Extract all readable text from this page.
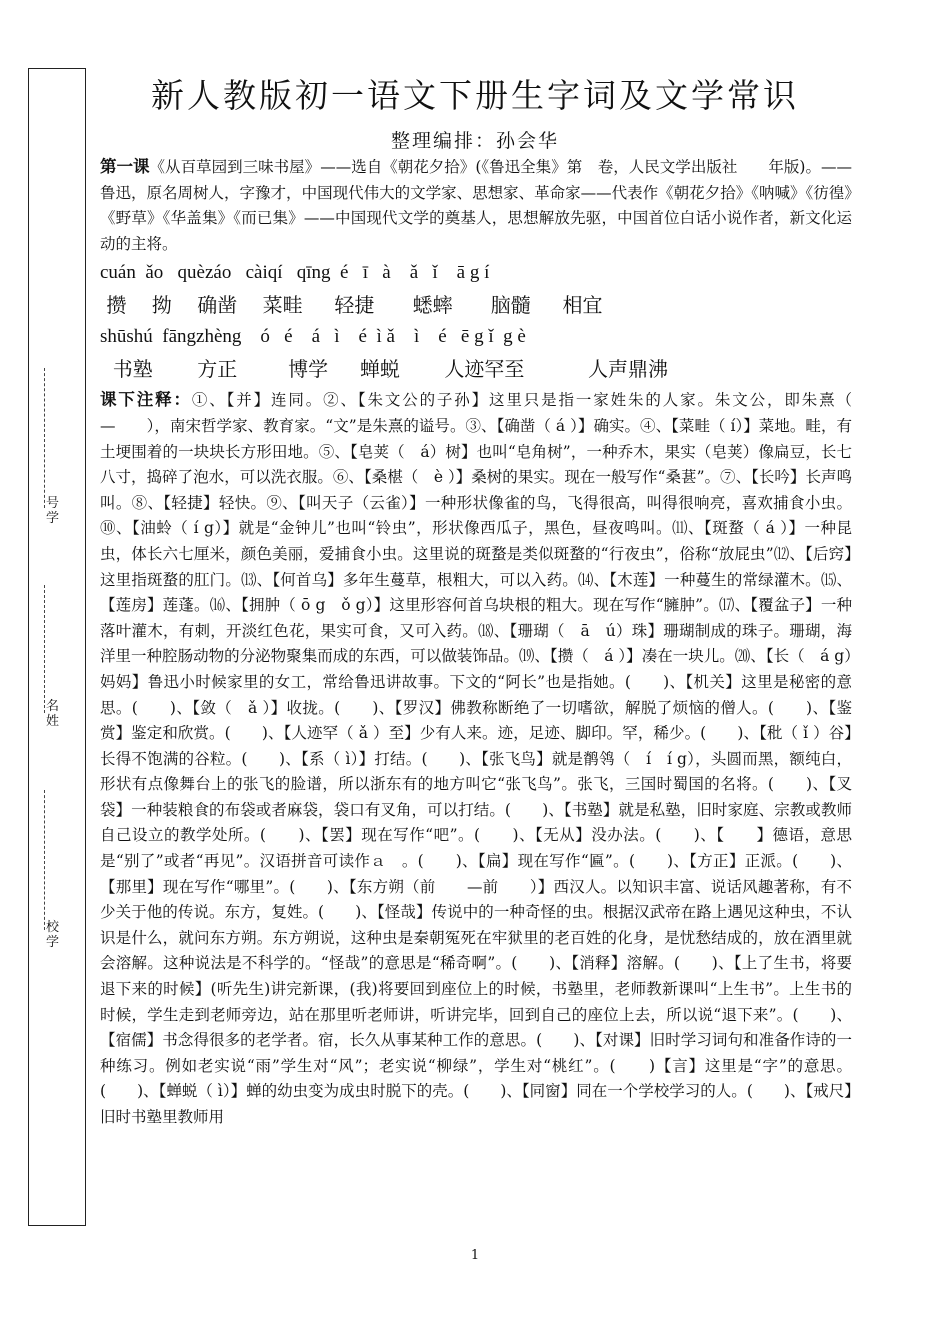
号学
名姓
校学
新人教版初一语文下册生字词及文学常识
整理编排：孙会华

第一课《从百草园到三味书屋》——选自《朝花夕拾》(《鲁迅全集》第　卷，人民文学出版社　　年版)。——鲁迅，原名周树人，字豫才，中国现代伟大的文学家、思想家、革命家——代表作《朝花夕拾》《呐喊》《彷徨》《野草》《华盖集》《而已集》——中国现代文学的奠基人，思想解放先驱，中国首位白话小说作者，新文化运动的主将。

cuán  ǎo   quèzáo   càiqí   qīng  é   ī   à    ǎ   ǐ    ā g í
攒    拗    确凿    菜畦     轻捷      蟋蟀      脑髓     相宜
shūshú  fāngzhèng    ó   é    á   ì    é  ì ǎ    ì    é   ē g ǐ  g è
书塾       方正        博学     蝉蜕       人迹罕至          人声鼎沸

课下注释：①、【并】连同。②、【朱文公的子孙】这里只是指一家姓朱的人家。朱文公，即朱熹（　　—　　），南宋哲学家、教育家。“文”是朱熹的谥号。③、【确凿（ á ）】确实。④、【菜畦（ í）】菜地。畦，有土埂围着的一块块长方形田地。⑤、【皂荚（　á）树】也叫“皂角树”，一种乔木，果实（皂荚）像扁豆，长七八寸，捣碎了泡水，可以洗衣服。⑥、【桑椹（　è ）】桑树的果实。现在一般写作“桑葚”。⑦、【长吟】长声鸣叫。⑧、【轻捷】轻快。⑨、【叫天子（云雀）】一种形状像雀的鸟，飞得很高，叫得很响亮，喜欢捕食小虫。⑩、【油蛉（ í g）】就是“金钟儿”也叫“铃虫”，形状像西瓜子，黑色，昼夜鸣叫。⑾、【斑蝥（ á ）】一种昆虫，体长六七厘米，颜色美丽，爱捕食小虫。这里说的斑蝥是类似斑蝥的“行夜虫”，俗称“放屁虫”⑿、【后窍】这里指斑蝥的肛门。⒀、【何首乌】多年生蔓草，根粗大，可以入药。⒁、【木莲】一种蔓生的常绿灌木。⒂、【莲房】莲蓬。⒃、【拥肿（ ō g　ǒ g）】这里形容何首乌块根的粗大。现在写作“臃肿”。⒄、【覆盆子】一种落叶灌木，有刺，开淡红色花，果实可食，又可入药。⒅、【珊瑚（　ā　ú）珠】珊瑚制成的珠子。珊瑚，海洋里一种腔肠动物的分泌物聚集而成的东西，可以做装饰品。⒆、【攒（　á ）】凑在一块儿。⒇、【长（　á g）妈妈】鲁迅小时候家里的女工，常给鲁迅讲故事。下文的“阿长”也是指她。(　　)、【机关】这里是秘密的意思。(　　)、【敛（　ǎ ）】收拢。(　　)、【罗汉】佛教称断绝了一切嗜欲，解脱了烦恼的僧人。(　　)、【鉴赏】鉴定和欣赏。(　　)、【人迹罕（ ǎ ）至】少有人来。迹，足迹、脚印。罕，稀少。(　　)、【秕（ ǐ ）谷】长得不饱满的谷粒。(　　)、【系（ ì）】打结。(　　)、【张飞鸟】就是鹡鸰（　í　í g），头圆而黑，额纯白，形状有点像舞台上的张飞的脸谱，所以浙东有的地方叫它“张飞鸟”。张飞，三国时蜀国的名将。(　　)、【叉袋】一种装粮食的布袋或者麻袋，袋口有叉角，可以打结。(　　)、【书塾】就是私塾，旧时家庭、宗教或教师自己设立的教学处所。(　　)、【罢】现在写作“吧”。(　　)、【无从】没办法。(　　)、【　　】德语，意思是“别了”或者“再见”。汉语拼音可读作ａ　。(　　)、【扁】现在写作“匾”。(　　)、【方正】正派。(　　)、【那里】现在写作“哪里”。(　　)、【东方朔（前　　—前　　）】西汉人。以知识丰富、说话风趣著称，有不少关于他的传说。东方，复姓。(　　)、【怪哉】传说中的一种奇怪的虫。根据汉武帝在路上遇见这种虫，不认识是什么，就问东方朔。东方朔说，这种虫是秦朝冤死在牢狱里的老百姓的化身，是忧愁结成的，放在酒里就会溶解。这种说法是不科学的。“怪哉”的意思是“稀奇啊”。(　　)、【消释】溶解。(　　)、【上了生书，将要退下来的时候】(听先生)讲完新课，(我)将要回到座位上的时候，书塾里，老师教新课叫“上生书”。上生书的时候，学生走到老师旁边，站在那里听老师讲，听讲完毕，回到自己的座位上去，所以说“退下来”。(　　)、【宿儒】书念得很多的老学者。宿，长久从事某种工作的意思。(　　)、【对课】旧时学习词句和准备作诗的一种练习。例如老实说“雨”学生对“风”；老实说“柳绿”，学生对“桃红”。(　　)【言】这里是“字”的意思。(　　)、【蝉蜕（ ì）】蝉的幼虫变为成虫时脱下的壳。(　　)、【同窗】同在一个学校学习的人。(　　)、【戒尺】旧时书塾里教师用

1
